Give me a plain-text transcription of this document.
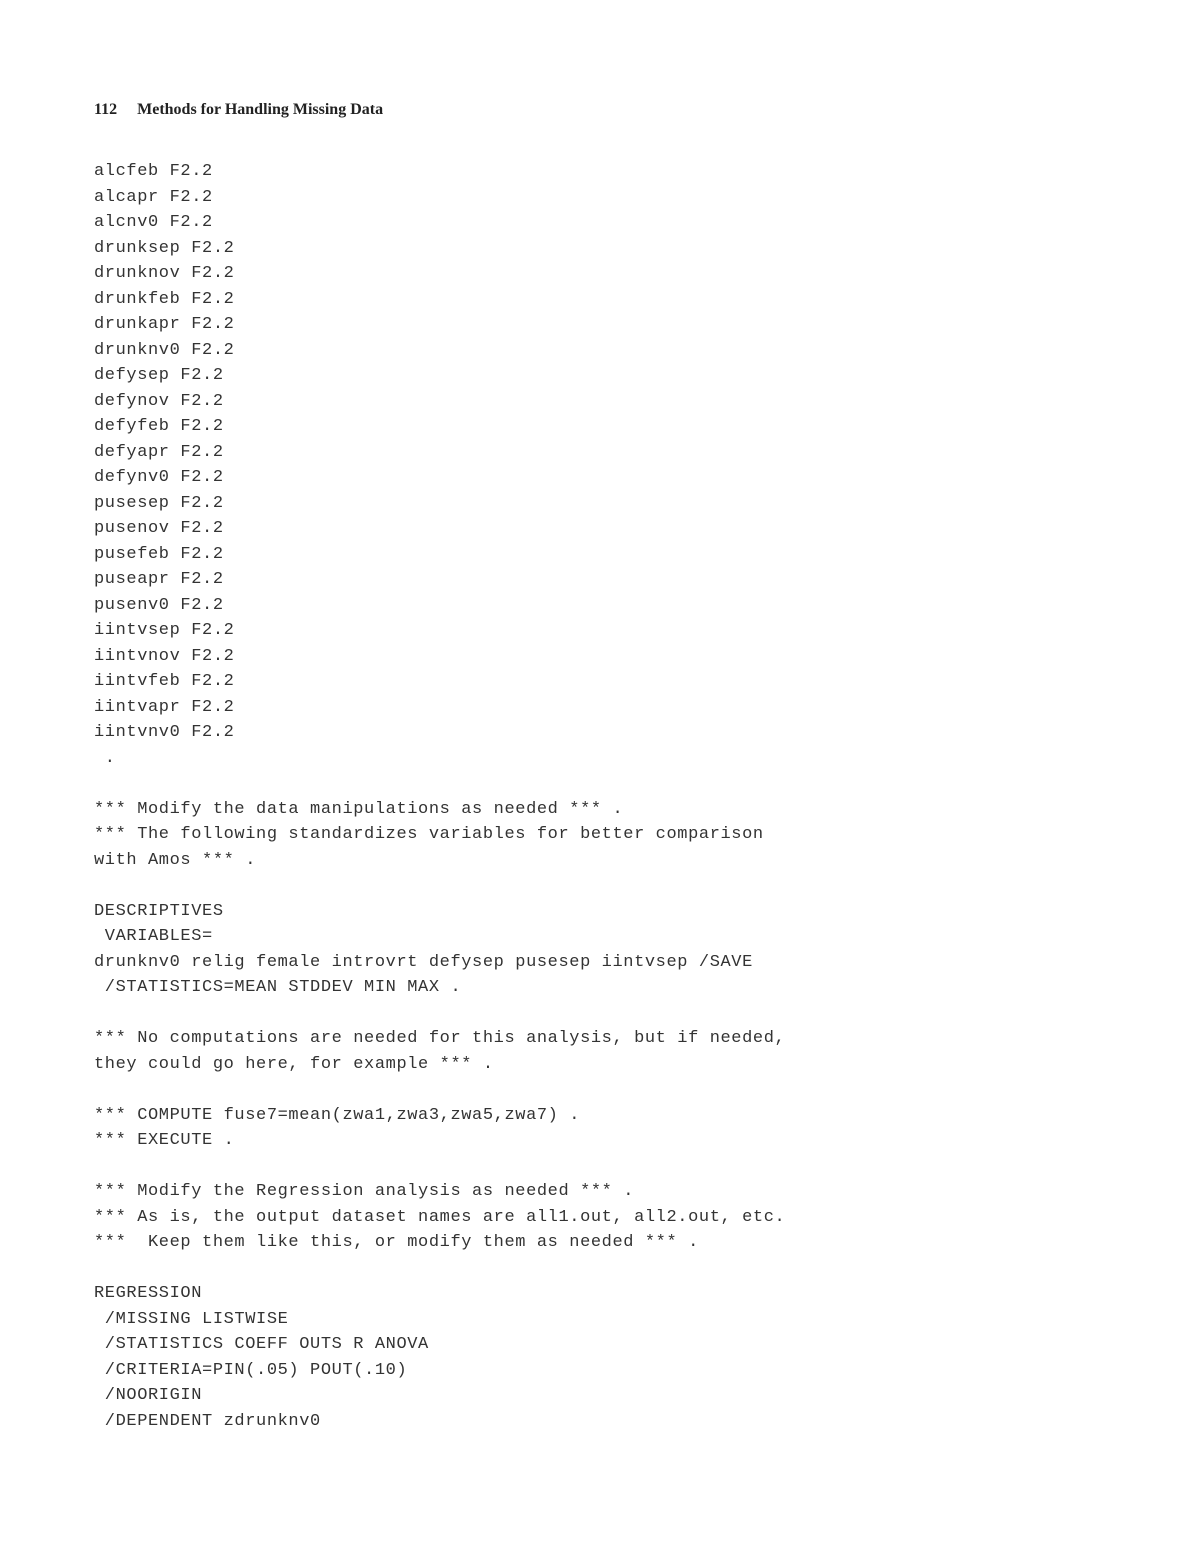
112 Methods for Handling Missing Data
alcfeb F2.2
alcapr F2.2
alcnv0 F2.2
drunksep F2.2
drunknov F2.2
drunkfeb F2.2
drunkapr F2.2
drunknv0 F2.2
defysep F2.2
defynov F2.2
defyfeb F2.2
defyapr F2.2
defynv0 F2.2
pusesep F2.2
pusenov F2.2
pusefeb F2.2
puseapr F2.2
pusenv0 F2.2
iintvsep F2.2
iintvnov F2.2
iintvfeb F2.2
iintvapr F2.2
iintvnv0 F2.2
.
*** Modify the data manipulations as needed *** .
*** The following standardizes variables for better comparison
with Amos *** .
DESCRIPTIVES
VARIABLES=
drunknv0 relig female introvrt defysep pusesep iintvsep /SAVE
/STATISTICS=MEAN STDDEV MIN MAX .
*** No computations are needed for this analysis, but if needed,
they could go here, for example *** .
*** COMPUTE fuse7=mean(zwa1,zwa3,zwa5,zwa7) .
*** EXECUTE .
*** Modify the Regression analysis as needed *** .
*** As is, the output dataset names are all1.out, all2.out, etc.
***  Keep them like this, or modify them as needed *** .
REGRESSION
/MISSING LISTWISE
/STATISTICS COEFF OUTS R ANOVA
/CRITERIA=PIN(.05) POUT(.10)
/NOORIGIN
/DEPENDENT zdrunknv0
